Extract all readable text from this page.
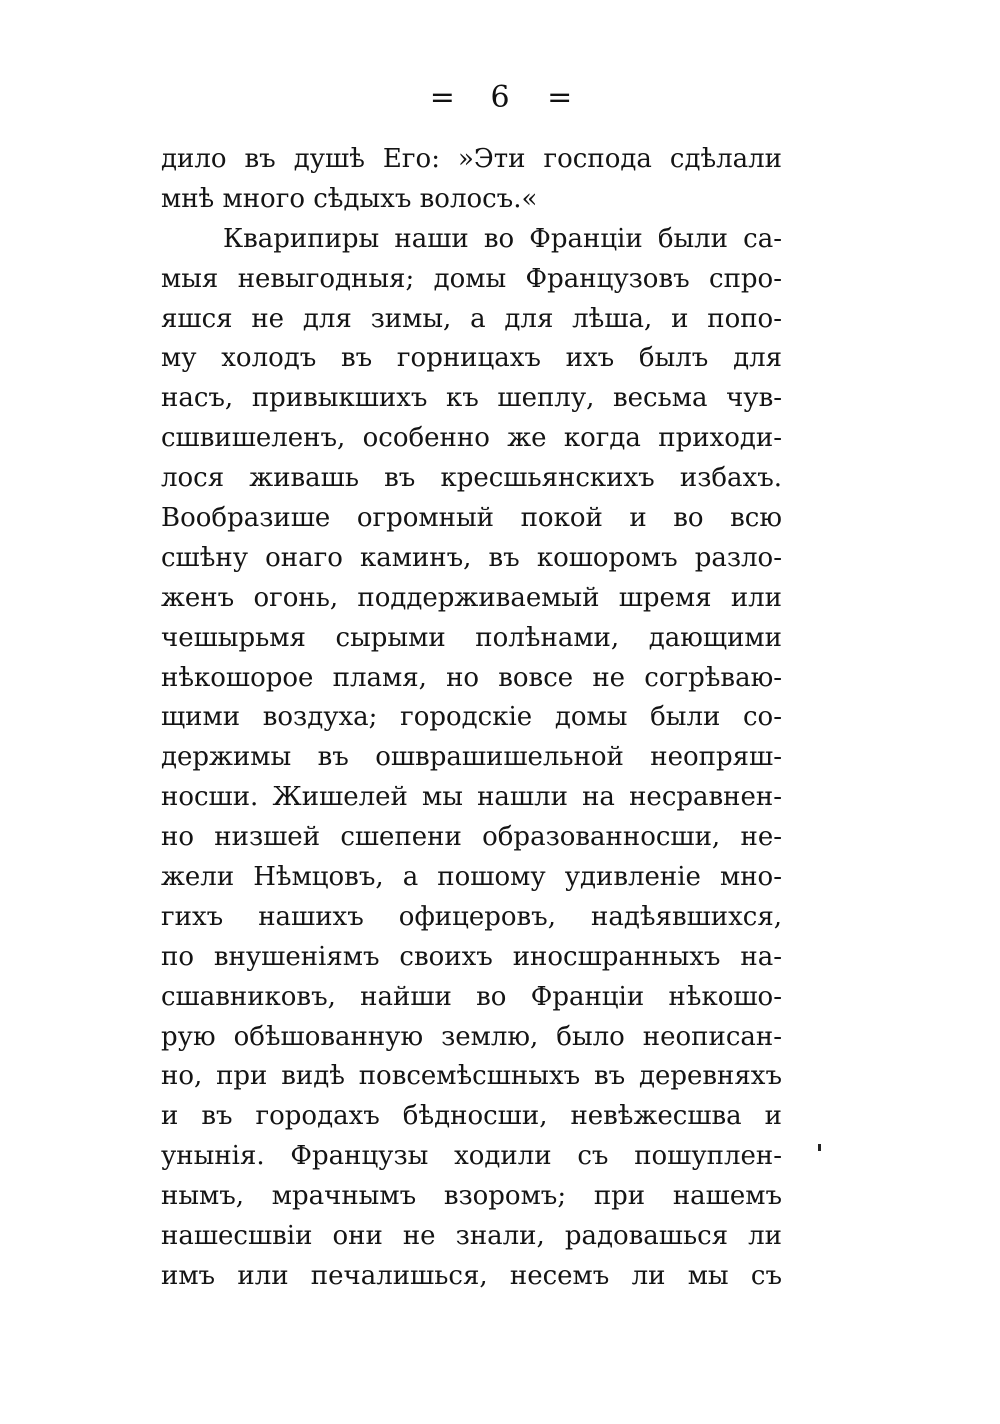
= 6 =
дило въ душѣ Его: »Эти господа сдѣлали
мнѣ много сѣдыхъ волосъ.«
Кварипиры наши во Франціи были са-
мыя невыгодныя; домы Французовъ спро-
яшся не для зимы, а для лѣша, и попо-
му холодъ въ горницахъ ихъ былъ для
насъ, привыкшихъ къ шеплу, весьма чув-
сшвишеленъ, особенно же когда приходи-
лося живашь въ кресшьянскихъ избахъ.
Вообразише огромный покой и во всю
сшѣну онаго каминъ, въ кошоромъ разло-
женъ огонь, поддерживаемый шремя или
чешырьмя сырыми полѣнами, дающими
нѣкошорое пламя, но вовсе не согрѣваю-
щими воздуха; городскіе домы были со-
держимы въ ошврашишельной неопряш-
носши. Жишелей мы нашли на несравнен-
но низшей сшепени образованносши, не-
жели Нѣмцовъ, а пошому удивленіе мно-
гихъ нашихъ офицеровъ, надѣявшихся,
по внушеніямъ своихъ иносшранныхъ на-
сшавниковъ, найши во Франціи нѣкошо-
рую обѣшованную землю, было неописан-
но, при видѣ повсемѣсшныхъ въ деревняхъ
и въ городахъ бѣдносши, невѣжесшва и
унынія. Французы ходили съ пошуплен-
нымъ, мрачнымъ взоромъ; при нашемъ
нашесшвіи они не знали, радовашься ли
имъ или печалишься, несемъ ли мы съ
